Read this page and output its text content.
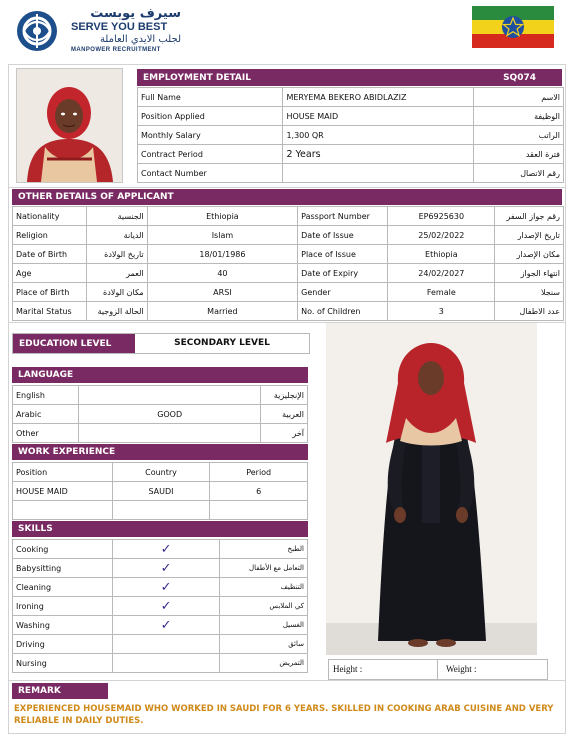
سيرف يوبست
SERVE YOU BEST
لجلب الايدي العاملة
MANPOWER RECRUITMENT
EMPLOYMENT DETAIL	SQ074
Full Name	MERYEMA BEKERO ABIDLAZIZ	الاسم
Position Applied	HOUSE MAID	الوظيفة
Monthly Salary	1,300 QR	الراتب
Contract Period	2 Years	فترة العقد
Contact Number		رقم الاتصال
OTHER DETAILS OF APPLICANT
Nationality	الجنسية	Ethiopia	Passport Number	EP6925630	رقم جواز السفر
Religion	الديانة	Islam	Date of Issue	25/02/2022	تاريخ الإصدار
Date of Birth	تاريخ الولادة	18/01/1986	Place of Issue	Ethiopia	مكان الإصدار
Age	العمر	40	Date of Expiry	24/02/2027	انتهاء الجواز
Place of Birth	مكان الولادة	ARSI	Gender	Female	سنجلا
Marital Status	الحالة الزوجية	Married	No. of Children	3	عدد الاطفال
EDUCATION LEVEL	SECONDARY LEVEL
LANGUAGE
English		الإنجليزية
Arabic	GOOD	العربية
Other		آخر
WORK EXPERIENCE
Position	Country	Period
HOUSE MAID	SAUDI	6

SKILLS
Cooking	✓	الطبخ
Babysitting	✓	التعامل مع الأطفال
Cleaning	✓	التنظيف
Ironing	✓	كي الملابس
Washing	✓	الغسيل
Driving		سائق
Nursing		التمريض
Height :	Weight :
REMARK
EXPERIENCED HOUSEMAID WHO WORKED IN SAUDI FOR 6 YEARS. SKILLED IN COOKING ARAB CUISINE AND VERY RELIABLE IN DAILY DUTIES.
